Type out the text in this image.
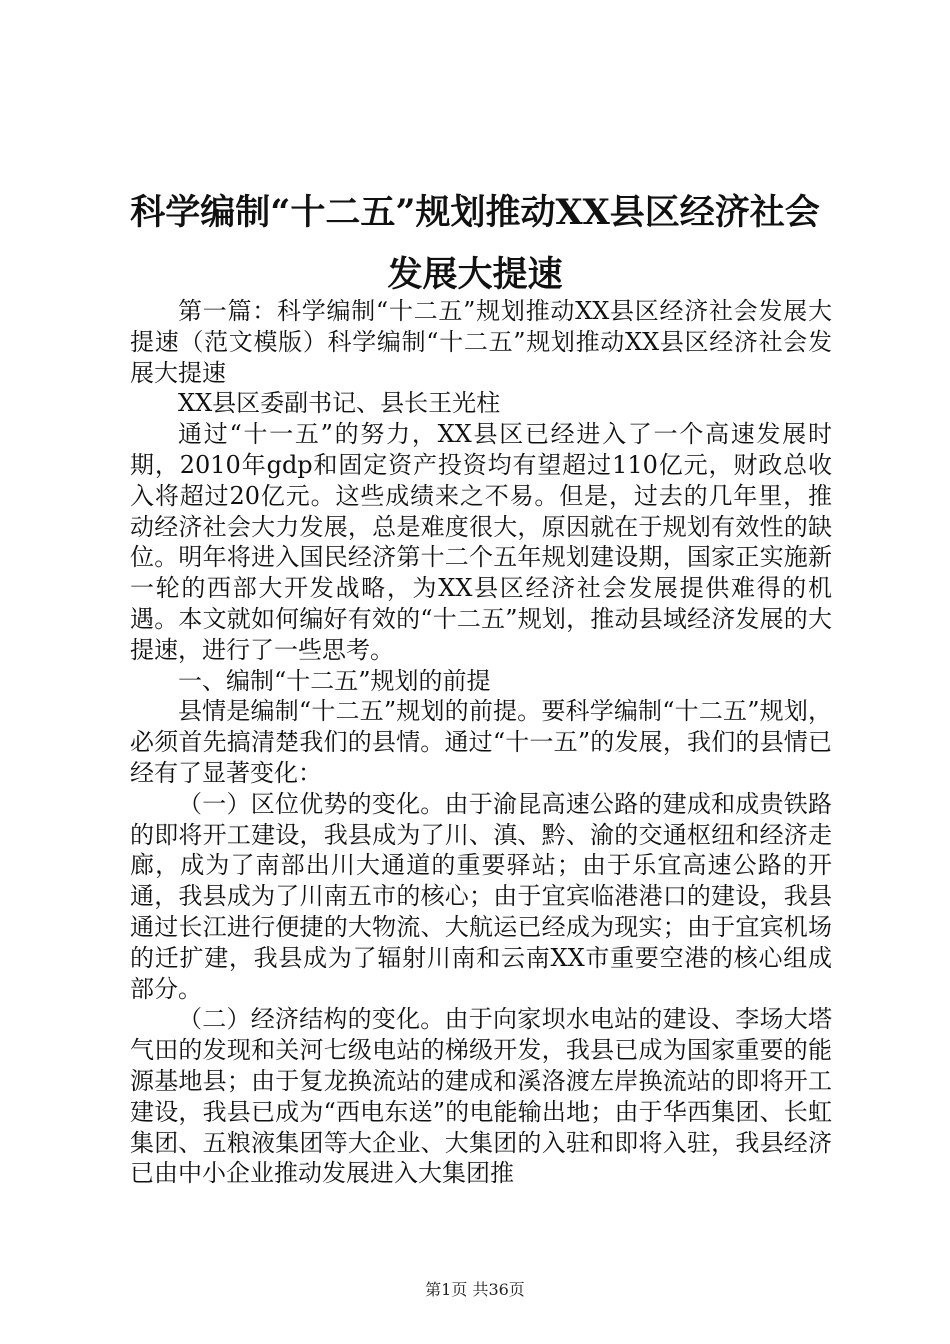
科学编制“十二五”规划推动XX县区经济社会发展大提速

第一篇：科学编制“十二五”规划推动XX县区经济社会发展大提速（范文模版）科学编制“十二五”规划推动XX县区经济社会发展大提速

XX县区委副书记、县长王光柱

通过“十一五”的努力，XX县区已经进入了一个高速发展时期，2010年gdp和固定资产投资均有望超过110亿元，财政总收入将超过20亿元。这些成绩来之不易。但是，过去的几年里，推动经济社会大力发展，总是难度很大，原因就在于规划有效性的缺位。明年将进入国民经济第十二个五年规划建设期，国家正实施新一轮的西部大开发战略，为XX县区经济社会发展提供难得的机遇。本文就如何编好有效的“十二五”规划，推动县域经济发展的大提速，进行了一些思考。

一、编制“十二五”规划的前提

县情是编制“十二五”规划的前提。要科学编制“十二五”规划，必须首先搞清楚我们的县情。通过“十一五”的发展，我们的县情已经有了显著变化：

（一）区位优势的变化。由于渝昆高速公路的建成和成贵铁路的即将开工建设，我县成为了川、滇、黔、渝的交通枢纽和经济走廊，成为了南部出川大通道的重要驿站；由于乐宜高速公路的开通，我县成为了川南五市的核心；由于宜宾临港港口的建设，我县通过长江进行便捷的大物流、大航运已经成为现实；由于宜宾机场的迁扩建，我县成为了辐射川南和云南XX市重要空港的核心组成部分。

（二）经济结构的变化。由于向家坝水电站的建设、李场大塔气田的发现和关河七级电站的梯级开发，我县已成为国家重要的能源基地县；由于复龙换流站的建成和溪洛渡左岸换流站的即将开工建设，我县已成为“西电东送”的电能输出地；由于华西集团、长虹集团、五粮液集团等大企业、大集团的入驻和即将入驻，我县经济已由中小企业推动发展进入大集团推

第1页 共36页
